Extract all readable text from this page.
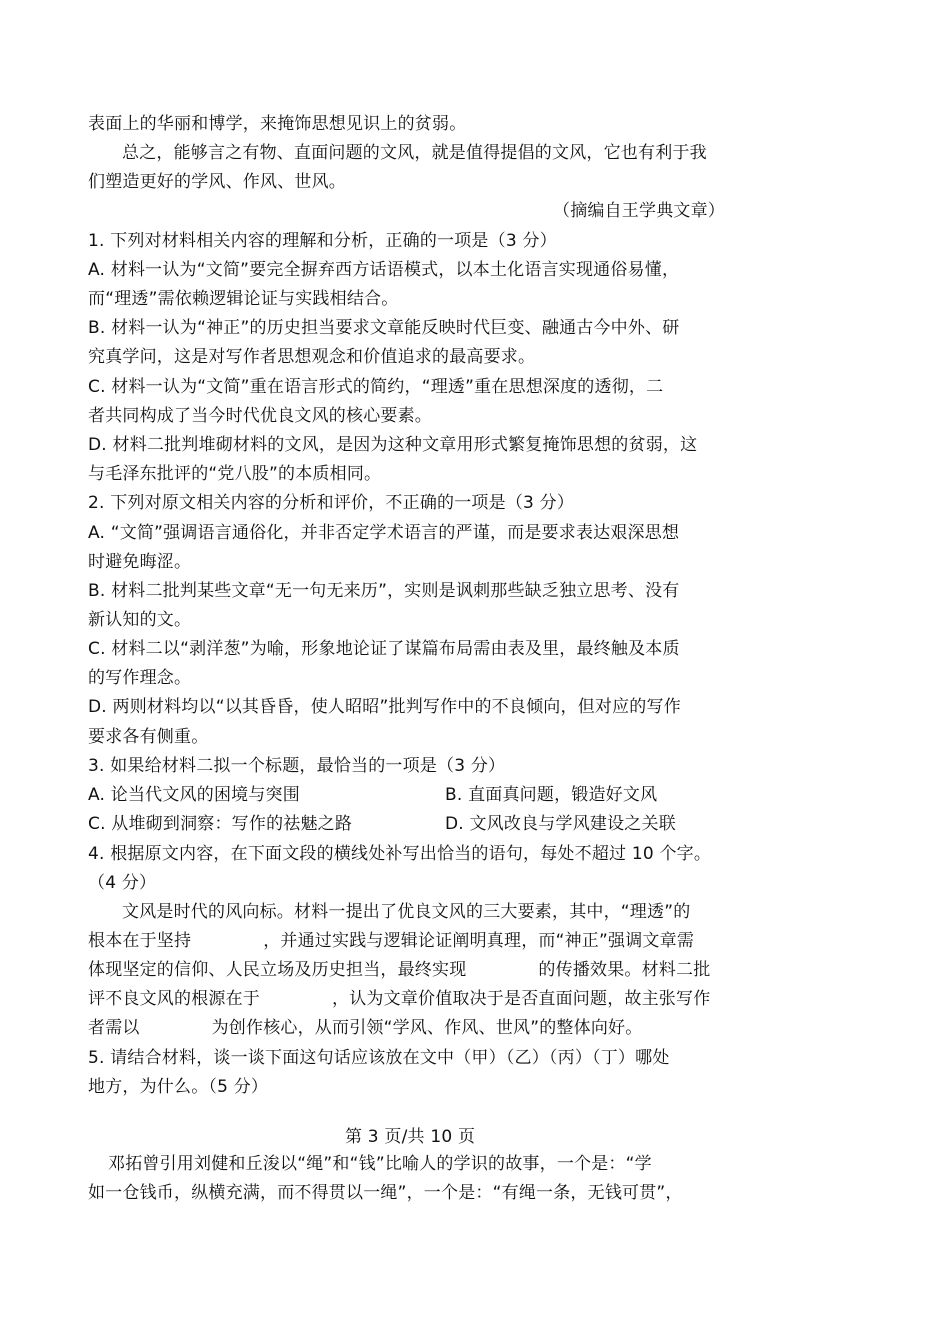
表面上的华丽和博学，来掩饰思想见识上的贫弱。
总之，能够言之有物、直面问题的文风，就是值得提倡的文风，它也有利于我
们塑造更好的学风、作风、世风。
（摘编自王学典文章）
1. 下列对材料相关内容的理解和分析，正确的一项是（3 分）
A. 材料一认为“文简”要完全摒弃西方话语模式，以本土化语言实现通俗易懂，
而“理透”需依赖逻辑论证与实践相结合。
B. 材料一认为“神正”的历史担当要求文章能反映时代巨变、融通古今中外、研
究真学问，这是对写作者思想观念和价值追求的最高要求。
C. 材料一认为“文简”重在语言形式的简约，“理透”重在思想深度的透彻，二
者共同构成了当今时代优良文风的核心要素。
D. 材料二批判堆砌材料的文风，是因为这种文章用形式繁复掩饰思想的贫弱，这
与毛泽东批评的“党八股”的本质相同。
2. 下列对原文相关内容的分析和评价，不正确的一项是（3 分）
A. “文简”强调语言通俗化，并非否定学术语言的严谨，而是要求表达艰深思想
时避免晦涩。
B. 材料二批判某些文章“无一句无来历”，实则是讽刺那些缺乏独立思考、没有
新认知的文。
C. 材料二以“剥洋葱”为喻，形象地论证了谋篇布局需由表及里，最终触及本质
的写作理念。
D. 两则材料均以“以其昏昏，使人昭昭”批判写作中的不良倾向，但对应的写作
要求各有侧重。
3. 如果给材料二拟一个标题，最恰当的一项是（3 分）
A. 论当代文风的困境与突围	B. 直面真问题，锻造好文风
C. 从堆砌到洞察：写作的祛魅之路	D. 文风改良与学风建设之关联
4. 根据原文内容，在下面文段的横线处补写出恰当的语句，每处不超过 10 个字。
（4 分）
文风是时代的风向标。材料一提出了优良文风的三大要素，其中，“理透”的
根本在于坚持	，并通过实践与逻辑论证阐明真理，而“神正”强调文章需
体现坚定的信仰、人民立场及历史担当，最终实现	的传播效果。材料二批
评不良文风的根源在于	，认为文章价值取决于是否直面问题，故主张写作
者需以	为创作核心，从而引领“学风、作风、世风”的整体向好。
5. 请结合材料，谈一谈下面这句话应该放在文中（甲）（乙）（丙）（丁）哪处
地方，为什么。（5 分）
第 3 页/共 10 页
邓拓曾引用刘健和丘浚以“绳”和“钱”比喻人的学识的故事，一个是：“学
如一仓钱币，纵横充满，而不得贯以一绳”，一个是：“有绳一条，无钱可贯”，
